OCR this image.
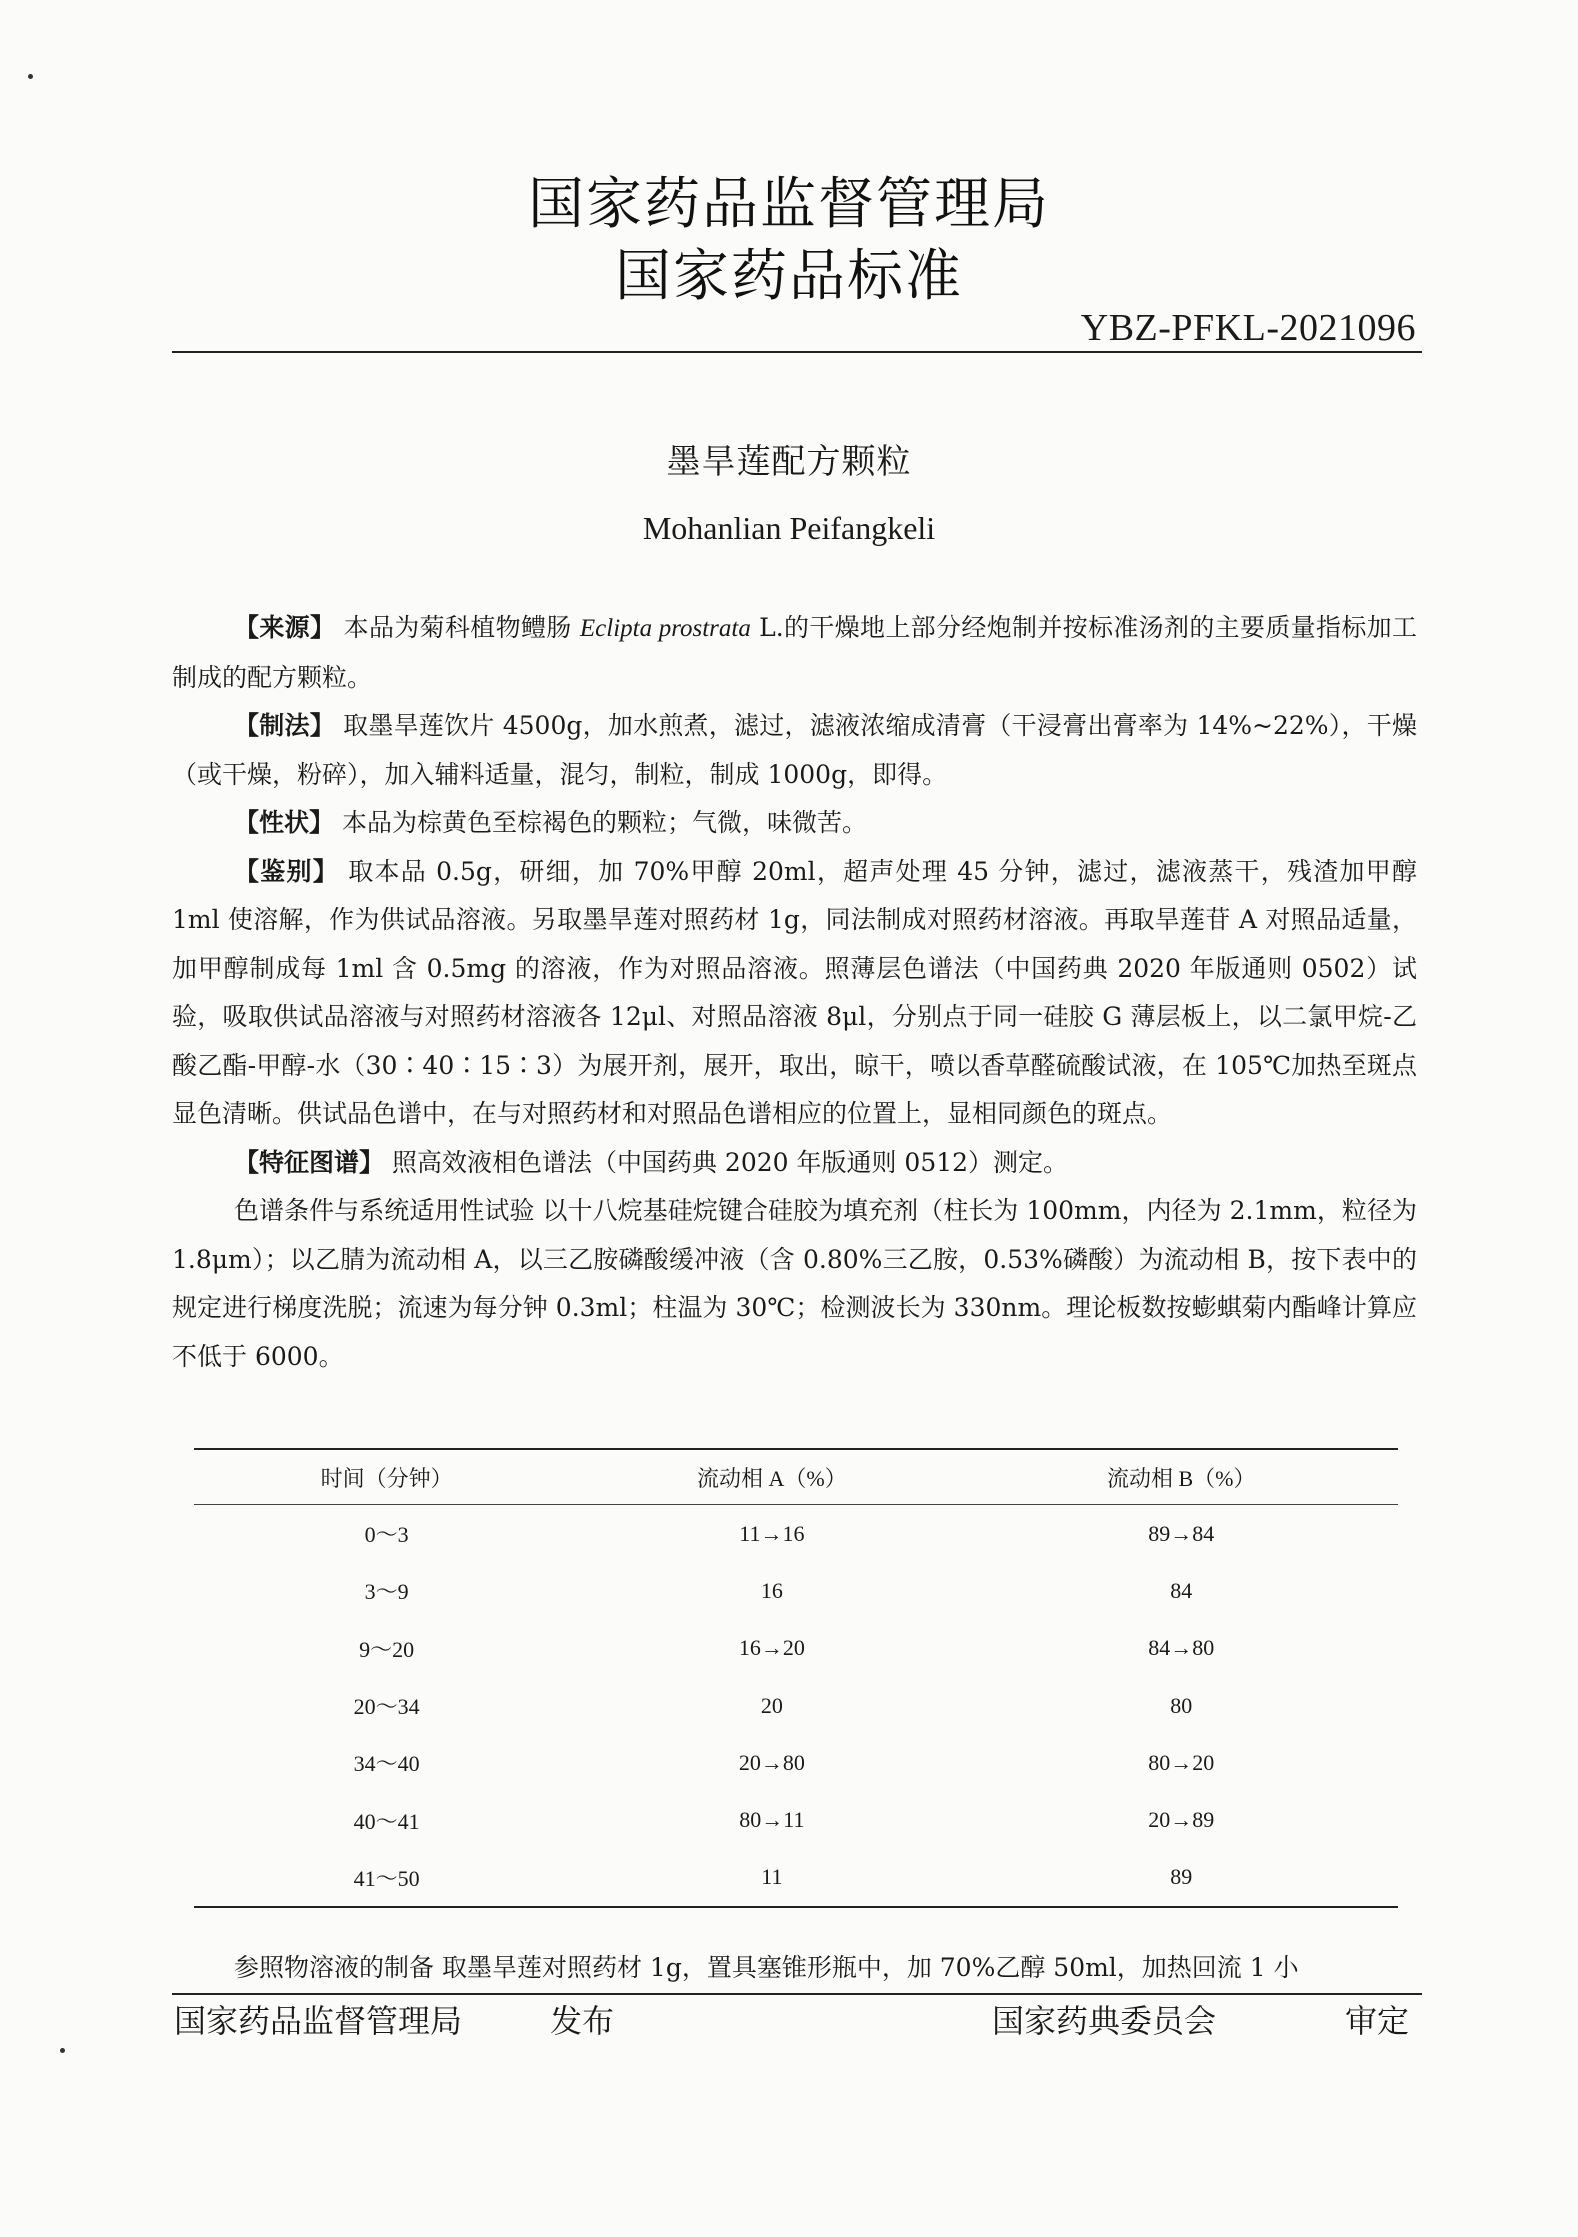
国家药品监督管理局
国家药品标准
YBZ-PFKL-2021096
墨旱莲配方颗粒
Mohanlian Peifangkeli

【来源】 本品为菊科植物鳢肠 Eclipta prostrata L.的干燥地上部分经炮制并按标准汤剂的主要质量指标加工制成的配方颗粒。

【制法】 取墨旱莲饮片 4500g，加水煎煮，滤过，滤液浓缩成清膏（干浸膏出膏率为 14%~22%），干燥（或干燥，粉碎），加入辅料适量，混匀，制粒，制成 1000g，即得。

【性状】 本品为棕黄色至棕褐色的颗粒；气微，味微苦。

【鉴别】 取本品 0.5g，研细，加 70%甲醇 20ml，超声处理 45 分钟，滤过，滤液蒸干，残渣加甲醇 1ml 使溶解，作为供试品溶液。另取墨旱莲对照药材 1g，同法制成对照药材溶液。再取旱莲苷 A 对照品适量，加甲醇制成每 1ml 含 0.5mg 的溶液，作为对照品溶液。照薄层色谱法（中国药典 2020 年版通则 0502）试验，吸取供试品溶液与对照药材溶液各 12μl、对照品溶液 8μl，分别点于同一硅胶 G 薄层板上，以二氯甲烷-乙酸乙酯-甲醇-水（30∶40∶15∶3）为展开剂，展开，取出，晾干，喷以香草醛硫酸试液，在 105℃加热至斑点显色清晰。供试品色谱中，在与对照药材和对照品色谱相应的位置上，显相同颜色的斑点。

【特征图谱】 照高效液相色谱法（中国药典 2020 年版通则 0512）测定。

色谱条件与系统适用性试验 以十八烷基硅烷键合硅胶为填充剂（柱长为 100mm，内径为 2.1mm，粒径为 1.8μm）；以乙腈为流动相 A，以三乙胺磷酸缓冲液（含 0.80%三乙胺，0.53%磷酸）为流动相 B，按下表中的规定进行梯度洗脱；流速为每分钟 0.3ml；柱温为 30℃；检测波长为 330nm。理论板数按蟛蜞菊内酯峰计算应不低于 6000。

时间（分钟）	流动相 A（%）	流动相 B（%）
0～3	11→16	89→84
3～9	16	84
9～20	16→20	84→80
20～34	20	80
34～40	20→80	80→20
40～41	80→11	20→89
41～50	11	89
参照物溶液的制备 取墨旱莲对照药材 1g，置具塞锥形瓶中，加 70%乙醇 50ml，加热回流 1 小
国家药品监督管理局	发布	国家药典委员会	审定
